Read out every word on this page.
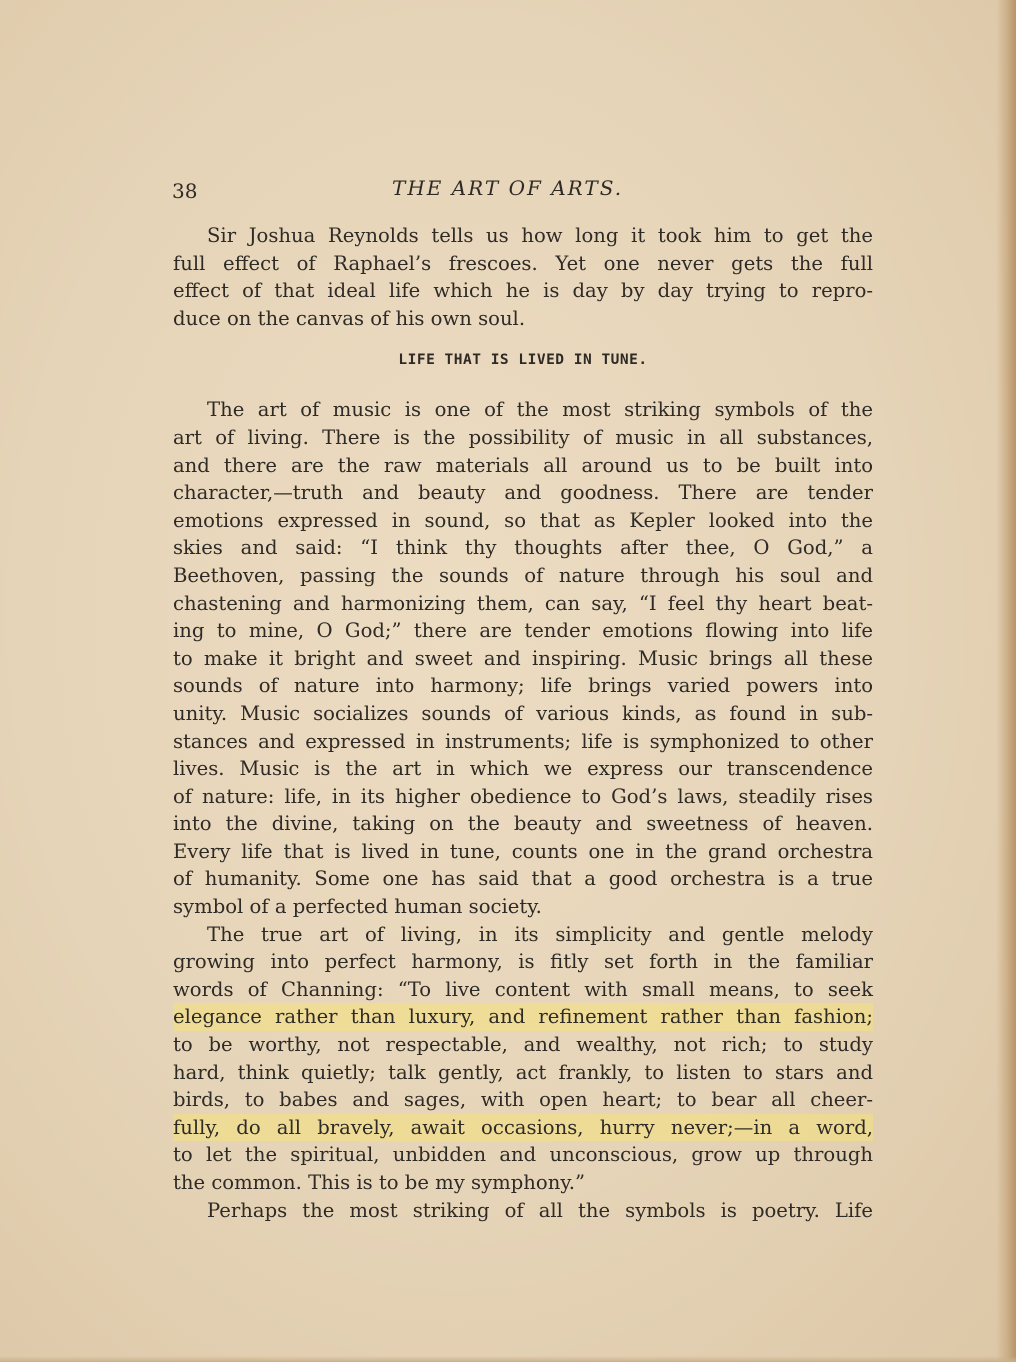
38	THE ART OF ARTS.
Sir Joshua Reynolds tells us how long it took him to get the
full effect of Raphael’s frescoes. Yet one never gets the full
effect of that ideal life which he is day by day trying to repro-
duce on the canvas of his own soul.
LIFE THAT IS LIVED IN TUNE.
The art of music is one of the most striking symbols of the
art of living. There is the possibility of music in all substances,
and there are the raw materials all around us to be built into
character,—truth and beauty and goodness. There are tender
emotions expressed in sound, so that as Kepler looked into the
skies and said: “I think thy thoughts after thee, O God,” a
Beethoven, passing the sounds of nature through his soul and
chastening and harmonizing them, can say, “I feel thy heart beat-
ing to mine, O God;” there are tender emotions flowing into life
to make it bright and sweet and inspiring. Music brings all these
sounds of nature into harmony; life brings varied powers into
unity. Music socializes sounds of various kinds, as found in sub-
stances and expressed in instruments; life is symphonized to other
lives. Music is the art in which we express our transcendence
of nature: life, in its higher obedience to God’s laws, steadily rises
into the divine, taking on the beauty and sweetness of heaven.
Every life that is lived in tune, counts one in the grand orchestra
of humanity. Some one has said that a good orchestra is a true
symbol of a perfected human society.
The true art of living, in its simplicity and gentle melody
growing into perfect harmony, is fitly set forth in the familiar
words of Channing: “To live content with small means, to seek
elegance rather than luxury, and refinement rather than fashion;
to be worthy, not respectable, and wealthy, not rich; to study
hard, think quietly; talk gently, act frankly, to listen to stars and
birds, to babes and sages, with open heart; to bear all cheer-
fully, do all bravely, await occasions, hurry never;—in a word,
to let the spiritual, unbidden and unconscious, grow up through
the common. This is to be my symphony.”
Perhaps the most striking of all the symbols is poetry. Life
